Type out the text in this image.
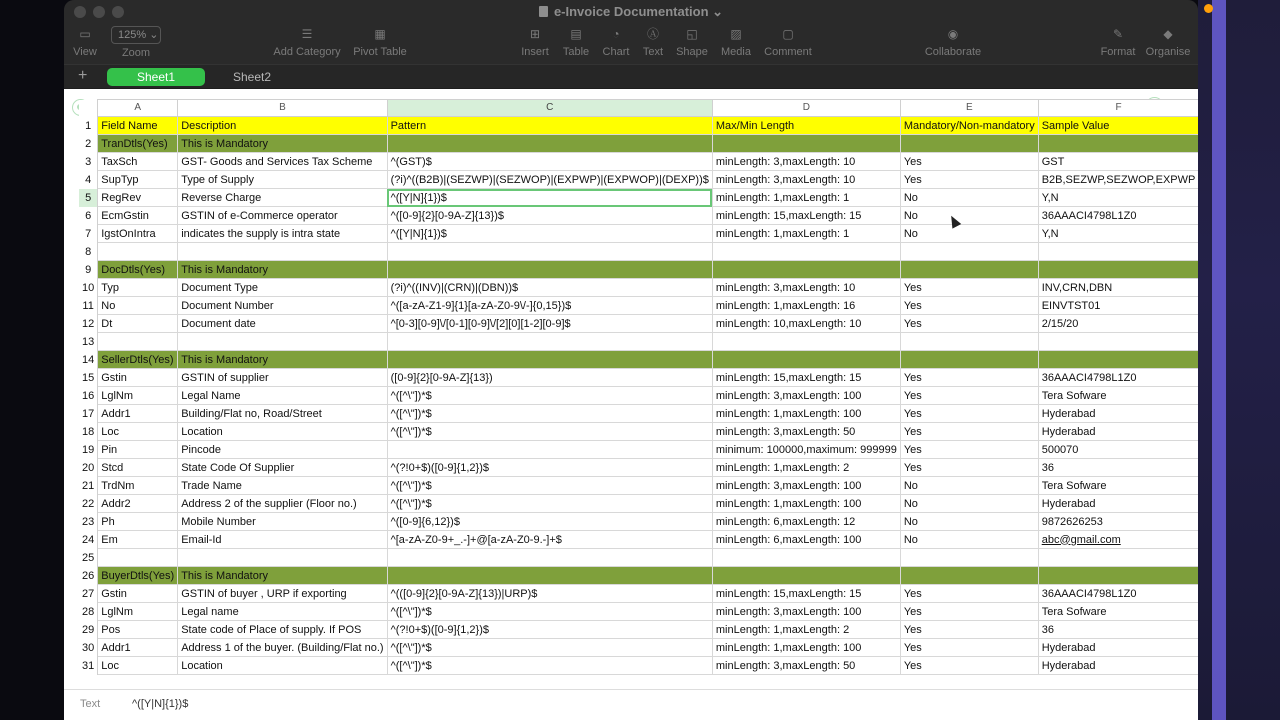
e-Invoice Documentation ⌄
▭
View
125% ⌄
Zoom
☰
Add Category
▦
Pivot Table
⊞
Insert
▤
Table
◔
Chart
Ⓐ
Text
◱
Shape
▨
Media
▢
Comment
◉
Collaborate
✎
Format
◆
Organise
+	Sheet1	Sheet2
	A	B	C	D	E	F
1	Field Name	Description	Pattern	Max/Min Length	Mandatory/Non-mandatory	Sample Value
2	TranDtls(Yes)	This is Mandatory				
3	TaxSch	GST- Goods and Services Tax Scheme	^(GST)$	minLength: 3,maxLength: 10	Yes	GST
4	SupTyp	Type of Supply	(?i)^((B2B)|(SEZWP)|(SEZWOP)|(EXPWP)|(EXPWOP)|(DEXP))$	minLength: 3,maxLength: 10	Yes	B2B,SEZWP,SEZWOP,EXPWP
5	RegRev	Reverse Charge	^([Y|N]{1})$	minLength: 1,maxLength: 1	No	Y,N
6	EcmGstin	GSTIN of e-Commerce operator	^([0-9]{2}[0-9A-Z]{13})$	minLength: 15,maxLength: 15	No	36AAACI4798L1Z0
7	IgstOnIntra	indicates the supply is intra state	^([Y|N]{1})$	minLength: 1,maxLength: 1	No	Y,N
8						
9	DocDtls(Yes)	This is Mandatory				
10	Typ	Document Type	(?i)^((INV)|(CRN)|(DBN))$	minLength: 3,maxLength: 10	Yes	INV,CRN,DBN
11	No	Document Number	^([a-zA-Z1-9]{1}[a-zA-Z0-9\/-]{0,15})$	minLength: 1,maxLength: 16	Yes	EINVTST01
12	Dt	Document date	^[0-3][0-9]\/[0-1][0-9]\/[2][0][1-2][0-9]$	minLength: 10,maxLength: 10	Yes	2/15/20
13						
14	SellerDtls(Yes)	This is Mandatory				
15	Gstin	GSTIN of supplier	([0-9]{2}[0-9A-Z]{13})	minLength: 15,maxLength: 15	Yes	36AAACI4798L1Z0
16	LglNm	Legal Name	^([^\"])*$	minLength: 3,maxLength: 100	Yes	Tera Sofware
17	Addr1	Building/Flat no, Road/Street	^([^\"])*$	minLength: 1,maxLength: 100	Yes	Hyderabad
18	Loc	Location	^([^\"])*$	minLength: 3,maxLength: 50	Yes	Hyderabad
19	Pin	Pincode		minimum: 100000,maximum: 999999	Yes	500070
20	Stcd	State Code Of Supplier	^(?!0+$)([0-9]{1,2})$	minLength: 1,maxLength: 2	Yes	36
21	TrdNm	Trade Name	^([^\"])*$	minLength: 3,maxLength: 100	No	Tera Sofware
22	Addr2	Address 2 of the supplier (Floor no.)	^([^\"])*$	minLength: 1,maxLength: 100	No	Hyderabad
23	Ph	Mobile Number	^([0-9]{6,12})$	minLength: 6,maxLength: 12	No	9872626253
24	Em	Email-Id	^[a-zA-Z0-9+_.-]+@[a-zA-Z0-9.-]+$	minLength: 6,maxLength: 100	No	abc@gmail.com
25						
26	BuyerDtls(Yes)	This is Mandatory				
27	Gstin	GSTIN of buyer , URP if exporting	^(([0-9]{2}[0-9A-Z]{13})|URP)$	minLength: 15,maxLength: 15	Yes	36AAACI4798L1Z0
28	LglNm	Legal name	^([^\"])*$	minLength: 3,maxLength: 100	Yes	Tera Sofware
29	Pos	State code of Place of supply. If POS	^(?!0+$)([0-9]{1,2})$	minLength: 1,maxLength: 2	Yes	36
30	Addr1	Address 1 of the buyer. (Building/Flat no.)	^([^\"])*$	minLength: 1,maxLength: 100	Yes	Hyderabad
31	Loc	Location	^([^\"])*$	minLength: 3,maxLength: 50	Yes	Hyderabad
Text	^([Y|N]{1})$
